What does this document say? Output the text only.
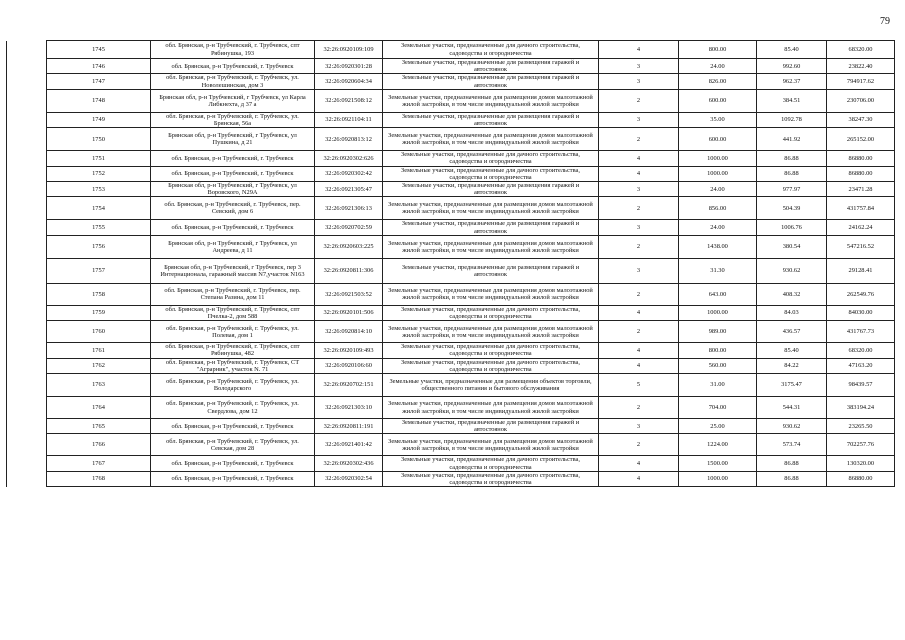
79
	1745	обл. Брянская, р-н Трубчевский, г. Трубчевск, спт Рябинушка, 193	32:26:0920109:109	Земельные участки, предназначенные для дачного строительства, садоводства и огородничества	4	800.00	85.40	68320.00
	1746	обл. Брянская, р-н Трубчевский, г. Трубчевск	32:26:0920301:28	Земельные участки, предназначенные для размещения гаражей и автостоянок	3	24.00	992.60	23822.40
	1747	обл. Брянская, р-н Трубчевский, г. Трубчевск, ул. Новолешинская, дом 3	32:26:0920604:34	Земельные участки, предназначенные для размещения гаражей и автостоянок	3	826.00	962.37	794917.62
	1748	Брянская обл, р-н Трубчевский, г Трубчевск, ул Карла Либкнехта, д 37 а	32:26:0921508:12	Земельные участки, предназначенные для размещения домов малоэтажной жилой застройки, в том числе индивидуальной жилой застройки	2	600.00	384.51	230706.00
	1749	обл. Брянская, р-н Трубчевский, г. Трубчевск, ул. Брянская, 56а	32:26:0921104:11	Земельные участки, предназначенные для размещения гаражей и автостоянок	3	35.00	1092.78	38247.30
	1750	Брянская обл, р-н Трубчевский, г Трубчевск, ул Пушкина, д 21	32:26:0920813:12	Земельные участки, предназначенные для размещения домов малоэтажной жилой застройки, в том числе индивидуальной жилой застройки	2	600.00	441.92	265152.00
	1751	обл. Брянская, р-н Трубчевский, г. Трубчевск	32:26:0920302:626	Земельные участки, предназначенные для дачного строительства, садоводства и огородничества	4	1000.00	86.88	86880.00
	1752	обл. Брянская, р-н Трубчевский, г. Трубчевск	32:26:0920302:42	Земельные участки, предназначенные для дачного строительства, садоводства и огородничества	4	1000.00	86.88	86880.00
	1753	Брянская обл, р-н Трубчевский, г Трубчевск, ул Воровского, N29A	32:26:0921305:47	Земельные участки, предназначенные для размещения гаражей и автостоянок	3	24.00	977.97	23471.28
	1754	обл. Брянская, р-н Трубчевский, г. Трубчевск, пер. Севский, дом 6	32:26:0921306:13	Земельные участки, предназначенные для размещения домов малоэтажной жилой застройки, в том числе индивидуальной жилой застройки	2	856.00	504.39	431757.84
	1755	обл. Брянская, р-н Трубчевский, г. Трубчевск	32:26:0920702:59	Земельные участки, предназначенные для размещения гаражей и автостоянок	3	24.00	1006.76	24162.24
	1756	Брянская обл, р-н Трубчевский, г Трубчевск, ул Андреева, д 11	32:26:0920603:225	Земельные участки, предназначенные для размещения домов малоэтажной жилой застройки, в том числе индивидуальной жилой застройки	2	1438.00	380.54	547216.52
	1757	Брянская обл, р-н Трубчевский, г Трубчевск, пер 3 Интернационала, гаражный массив N7,участок N163	32:26:0920811:306	Земельные участки, предназначенные для размещения гаражей и автостоянок	3	31.30	930.62	29128.41
	1758	обл. Брянская, р-н Трубчевский, г. Трубчевск, пер. Степана Разина, дом 11	32:26:0921503:52	Земельные участки, предназначенные для размещения домов малоэтажной жилой застройки, в том числе индивидуальной жилой застройки	2	643.00	408.32	262549.76
	1759	обл. Брянская, р-н Трубчевский, г. Трубчевск, спт Пчелка-2, дом 588	32:26:0920101:506	Земельные участки, предназначенные для дачного строительства, садоводства и огородничества	4	1000.00	84.03	84030.00
	1760	обл. Брянская, р-н Трубчевский, г. Трубчевск, ул. Полевая, дом 1	32:26:0920814:10	Земельные участки, предназначенные для размещения домов малоэтажной жилой застройки, в том числе индивидуальной жилой застройки	2	989.00	436.57	431767.73
	1761	обл. Брянская, р-н Трубчевский, г. Трубчевск, спт Рябинушка, 482	32:26:0920109:493	Земельные участки, предназначенные для дачного строительства, садоводства и огородничества	4	800.00	85.40	68320.00
	1762	обл. Брянская, р-н Трубчевский, г. Трубчевск, СТ "Аграрник", участок N. 71	32:26:0920106:60	Земельные участки, предназначенные для дачного строительства, садоводства и огородничества	4	560.00	84.22	47163.20
	1763	обл. Брянская, р-н Трубчевский, г. Трубчевск, ул. Володарского	32:26:0920702:151	Земельные участки, предназначенные для размещения объектов торговли, общественного питания и бытового обслуживания	5	31.00	3175.47	98439.57
	1764	обл. Брянская, р-н Трубчевский, г. Трубчевск, ул. Свердлова, дом 12	32:26:0921303:10	Земельные участки, предназначенные для размещения домов малоэтажной жилой застройки, в том числе индивидуальной жилой застройки	2	704.00	544.31	383194.24
	1765	обл. Брянская, р-н Трубчевский, г. Трубчевск	32:26:0920811:191	Земельные участки, предназначенные для размещения гаражей и автостоянок	3	25.00	930.62	23265.50
	1766	обл. Брянская, р-н Трубчевский, г. Трубчевск, ул. Севская, дом 28	32:26:0921401:42	Земельные участки, предназначенные для размещения домов малоэтажной жилой застройки, в том числе индивидуальной жилой застройки	2	1224.00	573.74	702257.76
	1767	обл. Брянская, р-н Трубчевский, г. Трубчевск	32:26:0920302:436	Земельные участки, предназначенные для дачного строительства, садоводства и огородничества	4	1500.00	86.88	130320.00
	1768	обл. Брянская, р-н Трубчевский, г. Трубчевск	32:26:0920302:54	Земельные участки, предназначенные для дачного строительства, садоводства и огородничества	4	1000.00	86.88	86880.00
